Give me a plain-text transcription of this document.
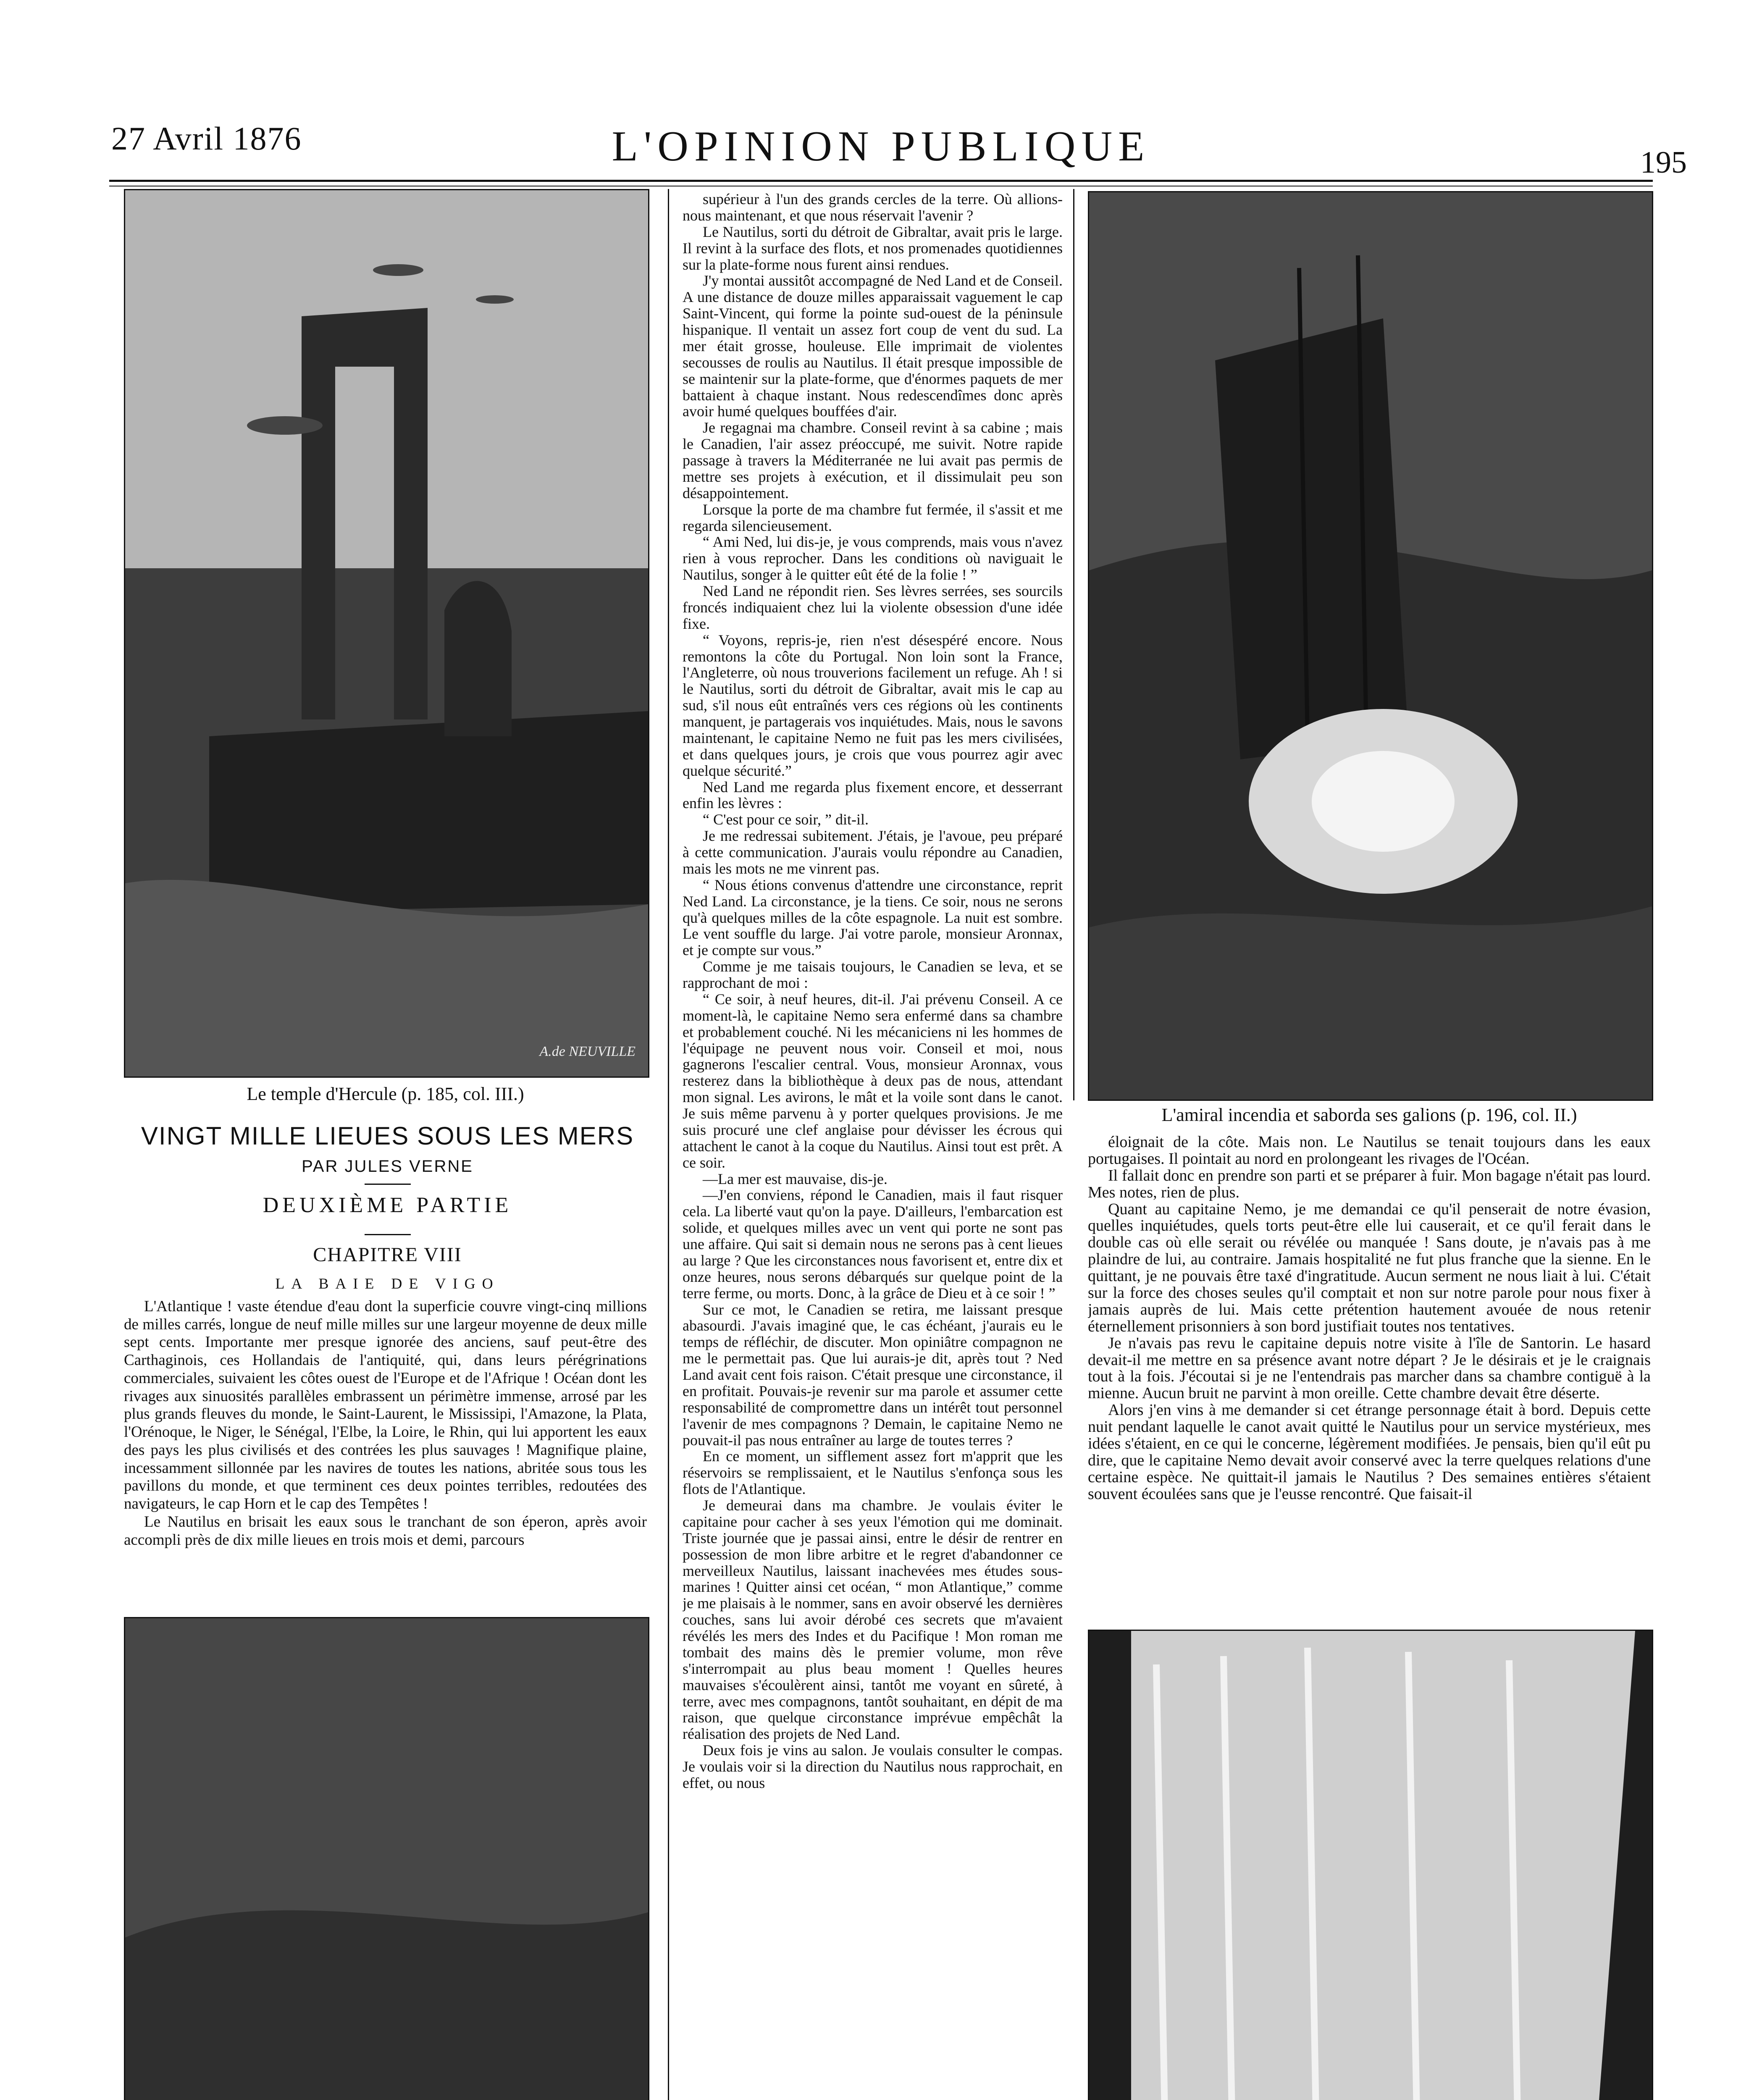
27 Avril 1876	L'OPINION PUBLIQUE	195
A.de NEUVILLE
Le temple d'Hercule (p. 185, col. III.)
VINGT MILLE LIEUES SOUS LES MERS
PAR JULES VERNE
DEUXIÈME PARTIE
CHAPITRE VIII
LA BAIE DE VIGO

L'Atlantique ! vaste étendue d'eau dont la superficie couvre vingt-cinq millions de milles carrés, longue de neuf mille milles sur une largeur moyenne de deux mille sept cents. Importante mer presque ignorée des anciens, sauf peut-être des Carthaginois, ces Hollandais de l'antiquité, qui, dans leurs pérégrinations commerciales, suivaient les côtes ouest de l'Europe et de l'Afrique ! Océan dont les rivages aux sinuosités parallèles embrassent un périmètre immense, arrosé par les plus grands fleuves du monde, le Saint-Laurent, le Mississipi, l'Amazone, la Plata, l'Orénoque, le Niger, le Sénégal, l'Elbe, la Loire, le Rhin, qui lui apportent les eaux des pays les plus civilisés et des contrées les plus sauvages ! Magnifique plaine, incessamment sillonnée par les navires de toutes les nations, abritée sous tous les pavillons du monde, et que terminent ces deux pointes terribles, redoutées des navigateurs, le cap Horn et le cap des Tempêtes !

Le Nautilus en brisait les eaux sous le tranchant de son éperon, après avoir accompli près de dix mille lieues en trois mois et demi, parcours

supérieur à l'un des grands cercles de la terre. Où allions-nous maintenant, et que nous réservait l'avenir ?

Le Nautilus, sorti du détroit de Gibraltar, avait pris le large. Il revint à la surface des flots, et nos promenades quotidiennes sur la plate-forme nous furent ainsi rendues.

J'y montai aussitôt accompagné de Ned Land et de Conseil. A une distance de douze milles apparaissait vaguement le cap Saint-Vincent, qui forme la pointe sud-ouest de la péninsule hispanique. Il ventait un assez fort coup de vent du sud. La mer était grosse, houleuse. Elle imprimait de violentes secousses de roulis au Nautilus. Il était presque impossible de se maintenir sur la plate-forme, que d'énormes paquets de mer battaient à chaque instant. Nous redescendîmes donc après avoir humé quelques bouffées d'air.

Je regagnai ma chambre. Conseil revint à sa cabine ; mais le Canadien, l'air assez préoccupé, me suivit. Notre rapide passage à travers la Méditerranée ne lui avait pas permis de mettre ses projets à exécution, et il dissimulait peu son désappointement.

Lorsque la porte de ma chambre fut fermée, il s'assit et me regarda silencieusement.

“ Ami Ned, lui dis-je, je vous comprends, mais vous n'avez rien à vous reprocher. Dans les conditions où naviguait le Nautilus, songer à le quitter eût été de la folie ! ”

Ned Land ne répondit rien. Ses lèvres serrées, ses sourcils froncés indiquaient chez lui la violente obsession d'une idée fixe.

“ Voyons, repris-je, rien n'est désespéré encore. Nous remontons la côte du Portugal. Non loin sont la France, l'Angleterre, où nous trouverions facilement un refuge. Ah ! si le Nautilus, sorti du détroit de Gibraltar, avait mis le cap au sud, s'il nous eût entraînés vers ces régions où les continents manquent, je partagerais vos inquiétudes. Mais, nous le savons maintenant, le capitaine Nemo ne fuit pas les mers civilisées, et dans quelques jours, je crois que vous pourrez agir avec quelque sécurité.”

Ned Land me regarda plus fixement encore, et desserrant enfin les lèvres :

“ C'est pour ce soir, ” dit-il.

Je me redressai subitement. J'étais, je l'avoue, peu préparé à cette communication. J'aurais voulu répondre au Canadien, mais les mots ne me vinrent pas.

“ Nous étions convenus d'attendre une circonstance, reprit Ned Land. La circonstance, je la tiens. Ce soir, nous ne serons qu'à quelques milles de la côte espagnole. La nuit est sombre. Le vent souffle du large. J'ai votre parole, monsieur Aronnax, et je compte sur vous.”

Comme je me taisais toujours, le Canadien se leva, et se rapprochant de moi :

“ Ce soir, à neuf heures, dit-il. J'ai prévenu Conseil. A ce moment-là, le capitaine Nemo sera enfermé dans sa chambre et probablement couché. Ni les mécaniciens ni les hommes de l'équipage ne peuvent nous voir. Conseil et moi, nous gagnerons l'escalier central. Vous, monsieur Aronnax, vous resterez dans la bibliothèque à deux pas de nous, attendant mon signal. Les avirons, le mât et la voile sont dans le canot. Je suis même parvenu à y porter quelques provisions. Je me suis procuré une clef anglaise pour dévisser les écrous qui attachent le canot à la coque du Nautilus. Ainsi tout est prêt. A ce soir.

—La mer est mauvaise, dis-je.

—J'en conviens, répond le Canadien, mais il faut risquer cela. La liberté vaut qu'on la paye. D'ailleurs, l'embarcation est solide, et quelques milles avec un vent qui porte ne sont pas une affaire. Qui sait si demain nous ne serons pas à cent lieues au large ? Que les circonstances nous favorisent et, entre dix et onze heures, nous serons débarqués sur quelque point de la terre ferme, ou morts. Donc, à la grâce de Dieu et à ce soir ! ”

Sur ce mot, le Canadien se retira, me laissant presque abasourdi. J'avais imaginé que, le cas échéant, j'aurais eu le temps de réfléchir, de discuter. Mon opiniâtre compagnon ne me le permettait pas. Que lui aurais-je dit, après tout ? Ned Land avait cent fois raison. C'était presque une circonstance, il en profitait. Pouvais-je revenir sur ma parole et assumer cette responsabilité de compromettre dans un intérêt tout personnel l'avenir de mes compagnons ? Demain, le capitaine Nemo ne pouvait-il pas nous entraîner au large de toutes terres ?

En ce moment, un sifflement assez fort m'apprit que les réservoirs se remplissaient, et le Nautilus s'enfonça sous les flots de l'Atlantique.

Je demeurai dans ma chambre. Je voulais éviter le capitaine pour cacher à ses yeux l'émotion qui me dominait. Triste journée que je passai ainsi, entre le désir de rentrer en possession de mon libre arbitre et le regret d'abandonner ce merveilleux Nautilus, laissant inachevées mes études sous-marines ! Quitter ainsi cet océan, “ mon Atlantique,” comme je me plaisais à le nommer, sans en avoir observé les dernières couches, sans lui avoir dérobé ces secrets que m'avaient révélés les mers des Indes et du Pacifique ! Mon roman me tombait des mains dès le premier volume, mon rêve s'interrompait au plus beau moment ! Quelles heures mauvaises s'écoulèrent ainsi, tantôt me voyant en sûreté, à terre, avec mes compagnons, tantôt souhaitant, en dépit de ma raison, que quelque circonstance imprévue empêchât la réalisation des projets de Ned Land.

Deux fois je vins au salon. Je voulais consulter le compas. Je voulais voir si la direction du Nautilus nous rapprochait, en effet, ou nous

L'amiral incendia et saborda ses galions (p. 196, col. II.)

éloignait de la côte. Mais non. Le Nautilus se tenait toujours dans les eaux portugaises. Il pointait au nord en prolongeant les rivages de l'Océan.

Il fallait donc en prendre son parti et se préparer à fuir. Mon bagage n'était pas lourd. Mes notes, rien de plus.

Quant au capitaine Nemo, je me demandai ce qu'il penserait de notre évasion, quelles inquiétudes, quels torts peut-être elle lui causerait, et ce qu'il ferait dans le double cas où elle serait ou révélée ou manquée ! Sans doute, je n'avais pas à me plaindre de lui, au contraire. Jamais hospitalité ne fut plus franche que la sienne. En le quittant, je ne pouvais être taxé d'ingratitude. Aucun serment ne nous liait à lui. C'était sur la force des choses seules qu'il comptait et non sur notre parole pour nous fixer à jamais auprès de lui. Mais cette prétention hautement avouée de nous retenir éternellement prisonniers à son bord justifiait toutes nos tentatives.

Je n'avais pas revu le capitaine depuis notre visite à l'île de Santorin. Le hasard devait-il me mettre en sa présence avant notre départ ? Je le désirais et je le craignais tout à la fois. J'écoutai si je ne l'entendrais pas marcher dans sa chambre contiguë à la mienne. Aucun bruit ne parvint à mon oreille. Cette chambre devait être déserte.

Alors j'en vins à me demander si cet étrange personnage était à bord. Depuis cette nuit pendant laquelle le canot avait quitté le Nautilus pour un service mystérieux, mes idées s'étaient, en ce qui le concerne, légèrement modifiées. Je pensais, bien qu'il eût pu dire, que le capitaine Nemo devait avoir conservé avec la terre quelques relations d'une certaine espèce. Ne quittait-il jamais le Nautilus ? Des semaines entières s'étaient souvent écoulées sans que je l'eusse rencontré. Que faisait-il
